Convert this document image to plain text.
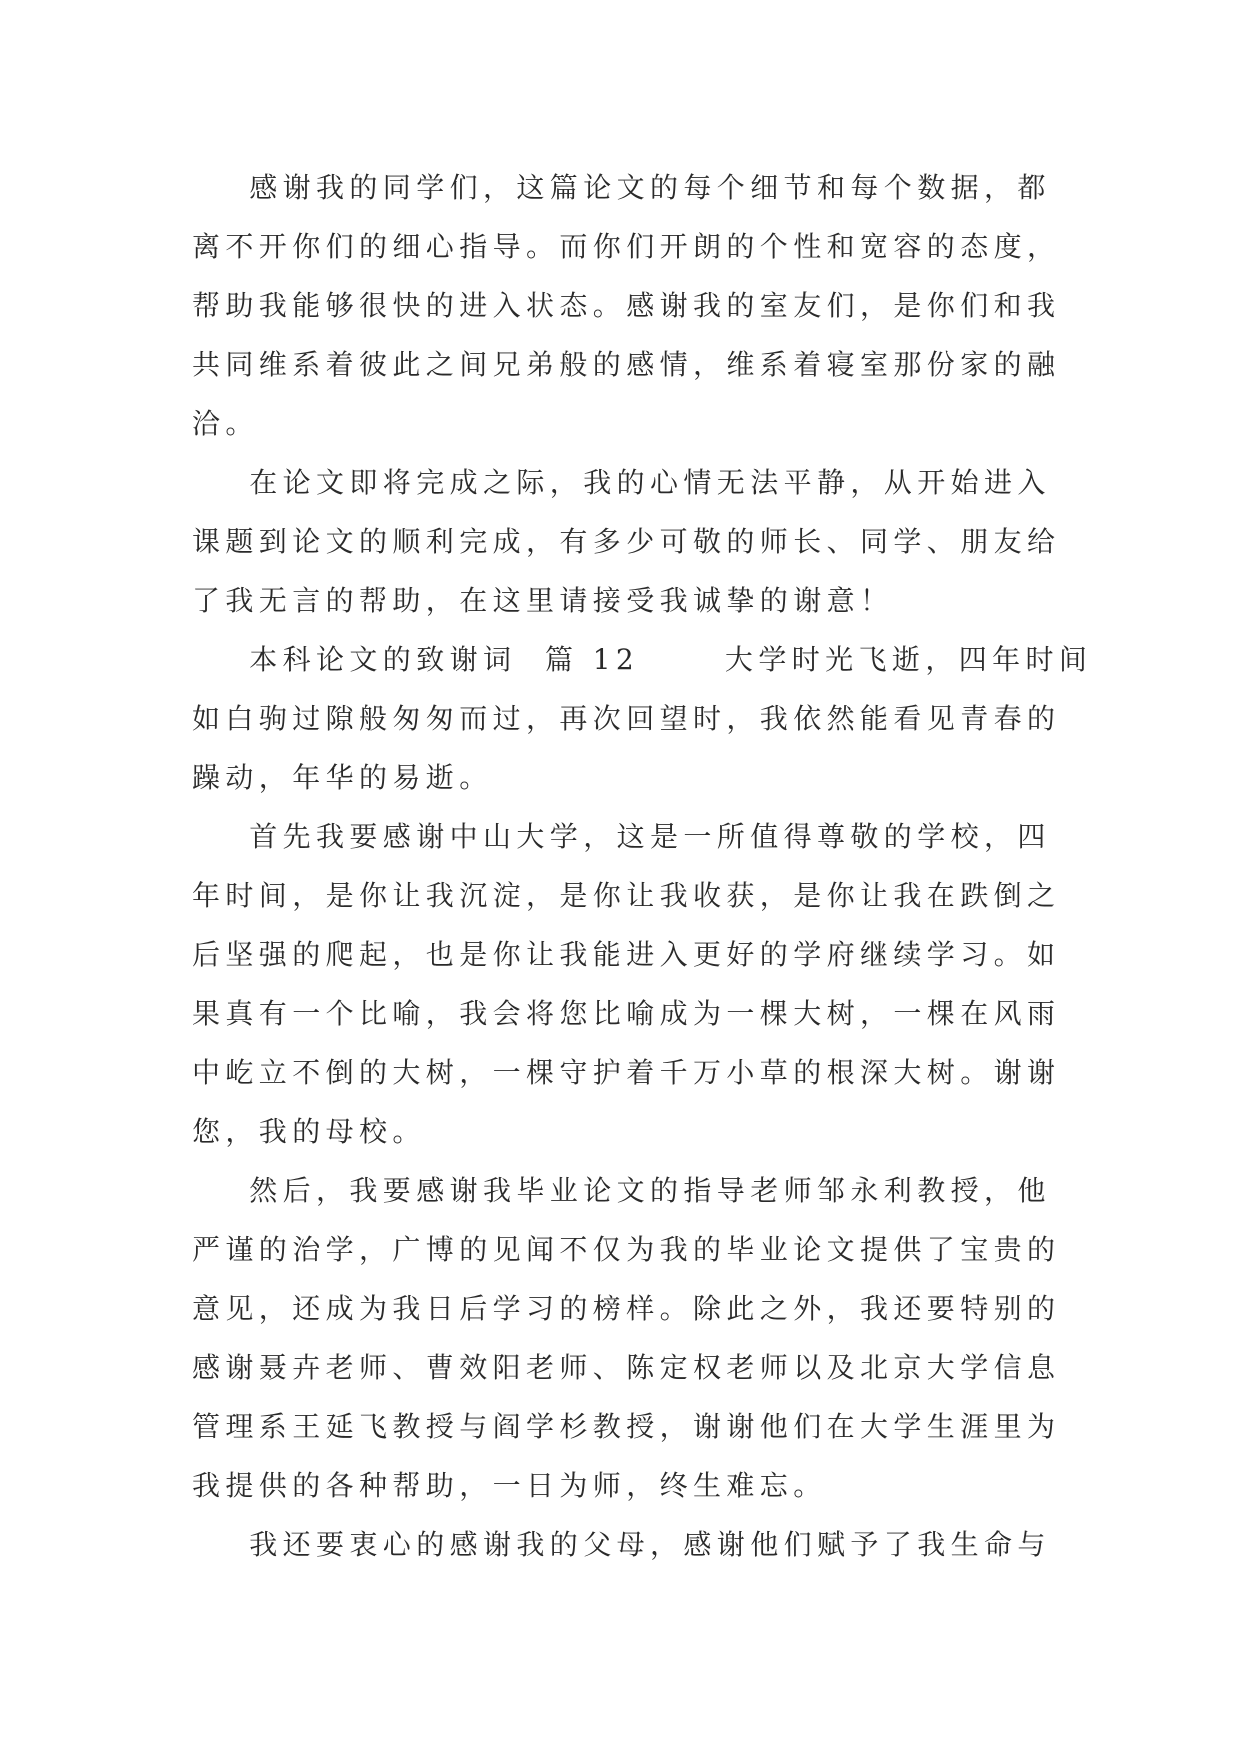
感谢我的同学们，这篇论文的每个细节和每个数据，都
离不开你们的细心指导。而你们开朗的个性和宽容的态度，
帮助我能够很快的进入状态。感谢我的室友们，是你们和我
共同维系着彼此之间兄弟般的感情，维系着寝室那份家的融
洽。
在论文即将完成之际，我的心情无法平静，从开始进入
课题到论文的顺利完成，有多少可敬的师长、同学、朋友给
了我无言的帮助，在这里请接受我诚挚的谢意！
本科论文的致谢词  篇 12      大学时光飞逝，四年时间
如白驹过隙般匆匆而过，再次回望时，我依然能看见青春的
躁动，年华的易逝。
首先我要感谢中山大学，这是一所值得尊敬的学校，四
年时间，是你让我沉淀，是你让我收获，是你让我在跌倒之
后坚强的爬起，也是你让我能进入更好的学府继续学习。如
果真有一个比喻，我会将您比喻成为一棵大树，一棵在风雨
中屹立不倒的大树，一棵守护着千万小草的根深大树。谢谢
您，我的母校。
然后，我要感谢我毕业论文的指导老师邹永利教授，他
严谨的治学，广博的见闻不仅为我的毕业论文提供了宝贵的
意见，还成为我日后学习的榜样。除此之外，我还要特别的
感谢聂卉老师、曹效阳老师、陈定权老师以及北京大学信息
管理系王延飞教授与阎学杉教授，谢谢他们在大学生涯里为
我提供的各种帮助，一日为师，终生难忘。
我还要衷心的感谢我的父母，感谢他们赋予了我生命与
